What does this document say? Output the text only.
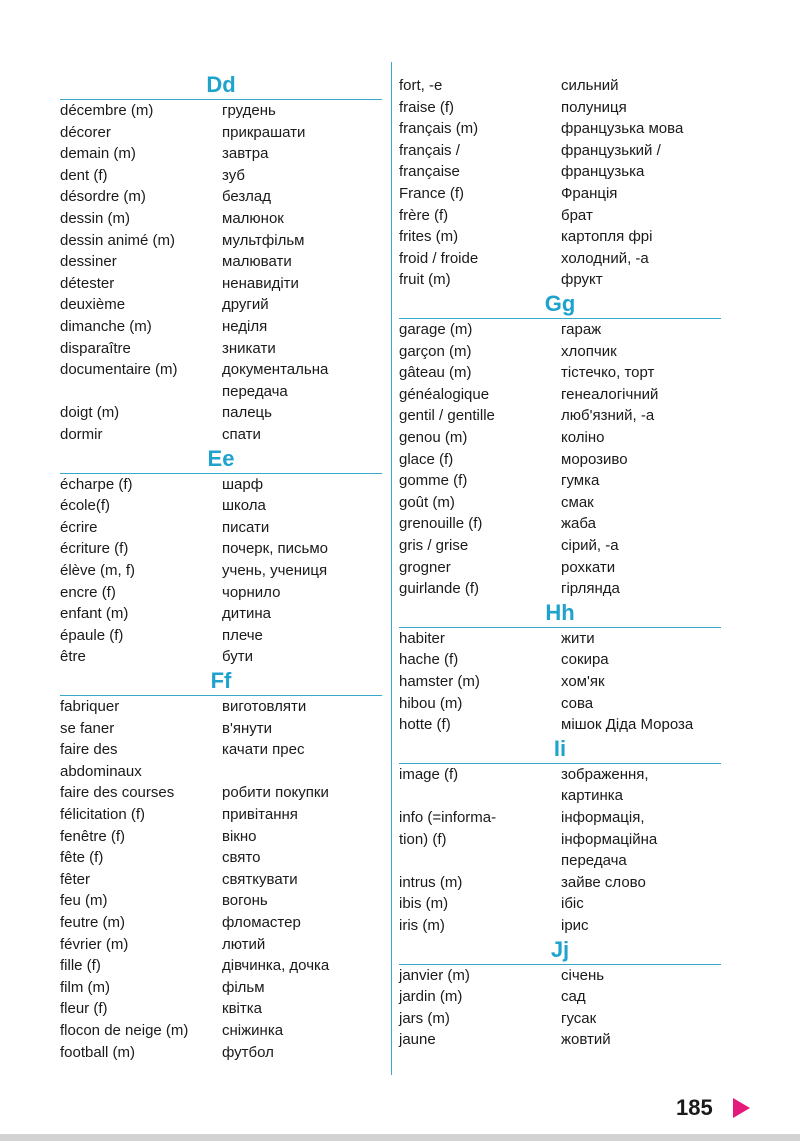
Dd
décembre (m)	грудень
décorer	прикрашати
demain (m)	завтра
dent (f)	зуб
désordre (m)	безлад
dessin (m)	малюнок
dessin animé (m)	мультфільм
dessiner	малювати
détester	ненавидіти
deuxième	другий
dimanche (m)	неділя
disparaître	зникати
documentaire (m)	документальна
передача
doigt (m)	палець
dormir	спати
Ee
écharpe (f)	шарф
école(f)	школа
écrire	писати
écriture (f)	почерк, письмо
élève (m, f)	учень, учениця
encre (f)	чорнило
enfant (m)	дитина
épaule (f)	плече
être	бути
Ff
fabriquer	виготовляти
se faner	в'янути
faire des	качати прес
abdominaux
faire des courses	робити покупки
félicitation (f)	привітання
fenêtre (f)	вікно
fête (f)	свято
fêter	святкувати
feu (m)	вогонь
feutre (m)	фломастер
février (m)	лютий
fille (f)	дівчинка, дочка
film (m)	фільм
fleur (f)	квітка
flocon de neige (m) сніжинка
football (m)	футбол
fort, -e	сильний
fraise (f)	полуниця
français (m)	французька мова
français /	французький /
française	французька
France (f)	Франція
frère (f)	брат
frites (m)	картопля фрі
froid / froide	холодний, -а
fruit (m)	фрукт
Gg
garage (m)	гараж
garçon (m)	хлопчик
gâteau (m)	тістечко, торт
généalogique	генеалогічний
gentil / gentille	люб'язний, -а
genou (m)	коліно
glace (f)	морозиво
gomme (f)	гумка
goût (m)	смак
grenouille (f)	жаба
gris / grise	сірий, -а
grogner	рохкати
guirlande (f)	гірлянда
Hh
habiter	жити
hache (f)	сокира
hamster (m)	хом'як
hibou (m)	сова
hotte (f)	мішок Діда Мороза
Ii
image (f)	зображення,
картинка
info (=informa-	інформація,
tion) (f)	інформаційна
передача
intrus (m)	зайве слово
ibis (m)	ібіс
iris (m)	ірис
Jj
janvier (m)	січень
jardin (m)	сад
jars (m)	гусак
jaune	жовтий
185
